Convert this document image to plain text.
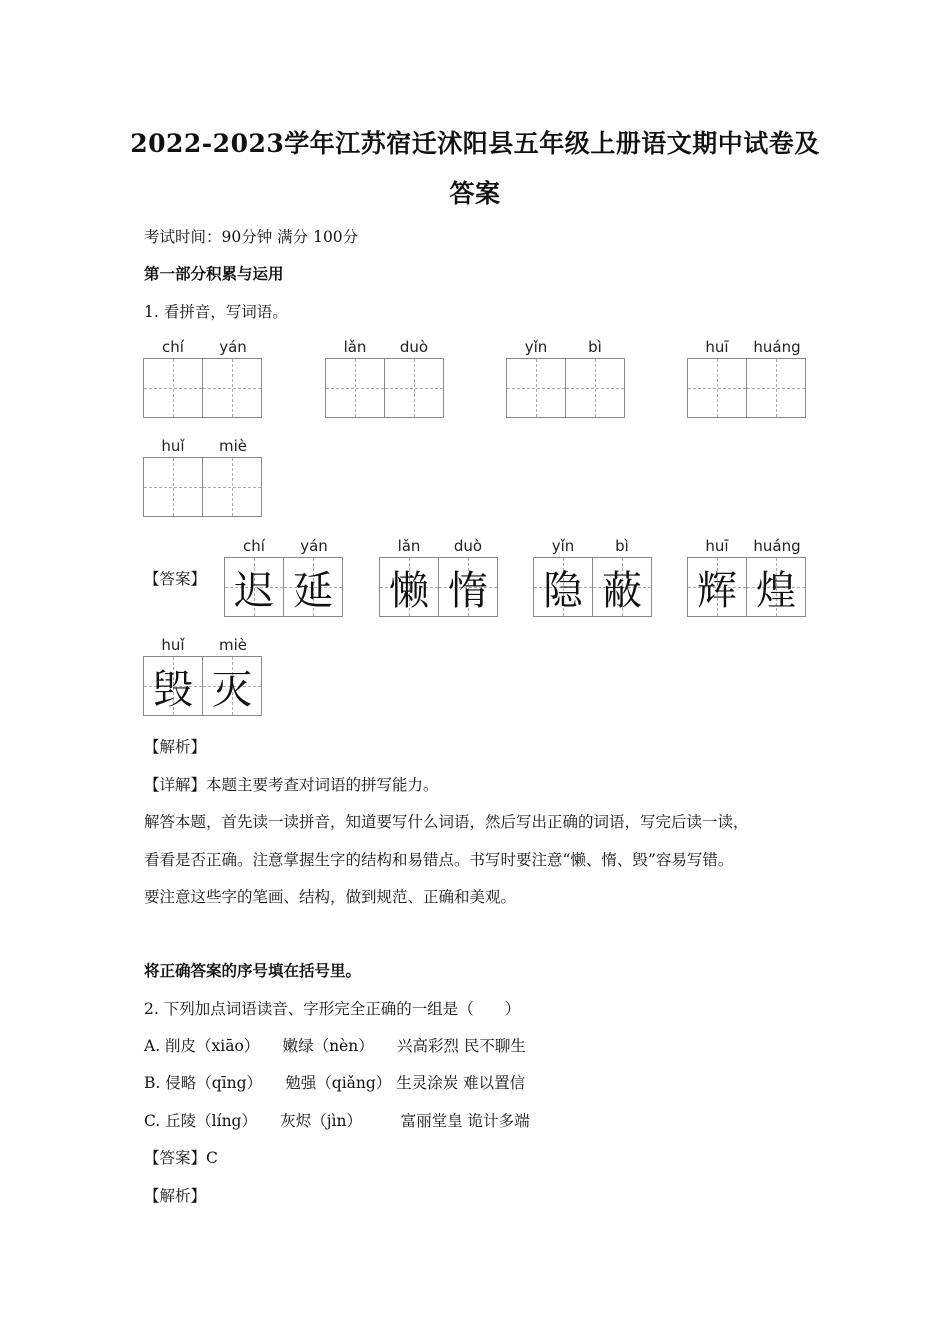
2022-2023学年江苏宿迁沭阳县五年级上册语文期中试卷及
答案
考试时间：90分钟 满分 100分
第一部分积累与运用
1. 看拼音，写词语。
chí	yán	lǎn	duò	yǐn	bì	huī	huáng
huǐ	miè
【答案】
chí	yán
迟 延
lǎn	duò
懒 惰
yǐn	bì
隐 蔽
huī	huáng
辉 煌
huǐ	miè
毁 灭
【解析】
【详解】本题主要考查对词语的拼写能力。
解答本题，首先读一读拼音，知道要写什么词语，然后写出正确的词语，写完后读一读，
看看是否正确。注意掌握生字的结构和易错点。书写时要注意“懒、惰、毁”容易写错。
要注意这些字的笔画、结构，做到规范、正确和美观。
将正确答案的序号填在括号里。
2. 下列加点词语读音、字形完全正确的一组是（　　）
A. 削皮（xiāo）　　嫩绿（nèn）　　兴高彩烈 民不聊生
B. 侵略（qīng）　　勉强（qiǎng） 生灵涂炭 难以置信
C. 丘陵（líng）　　灰烬（jìn）　　　富丽堂皇 诡计多端
【答案】C
【解析】
